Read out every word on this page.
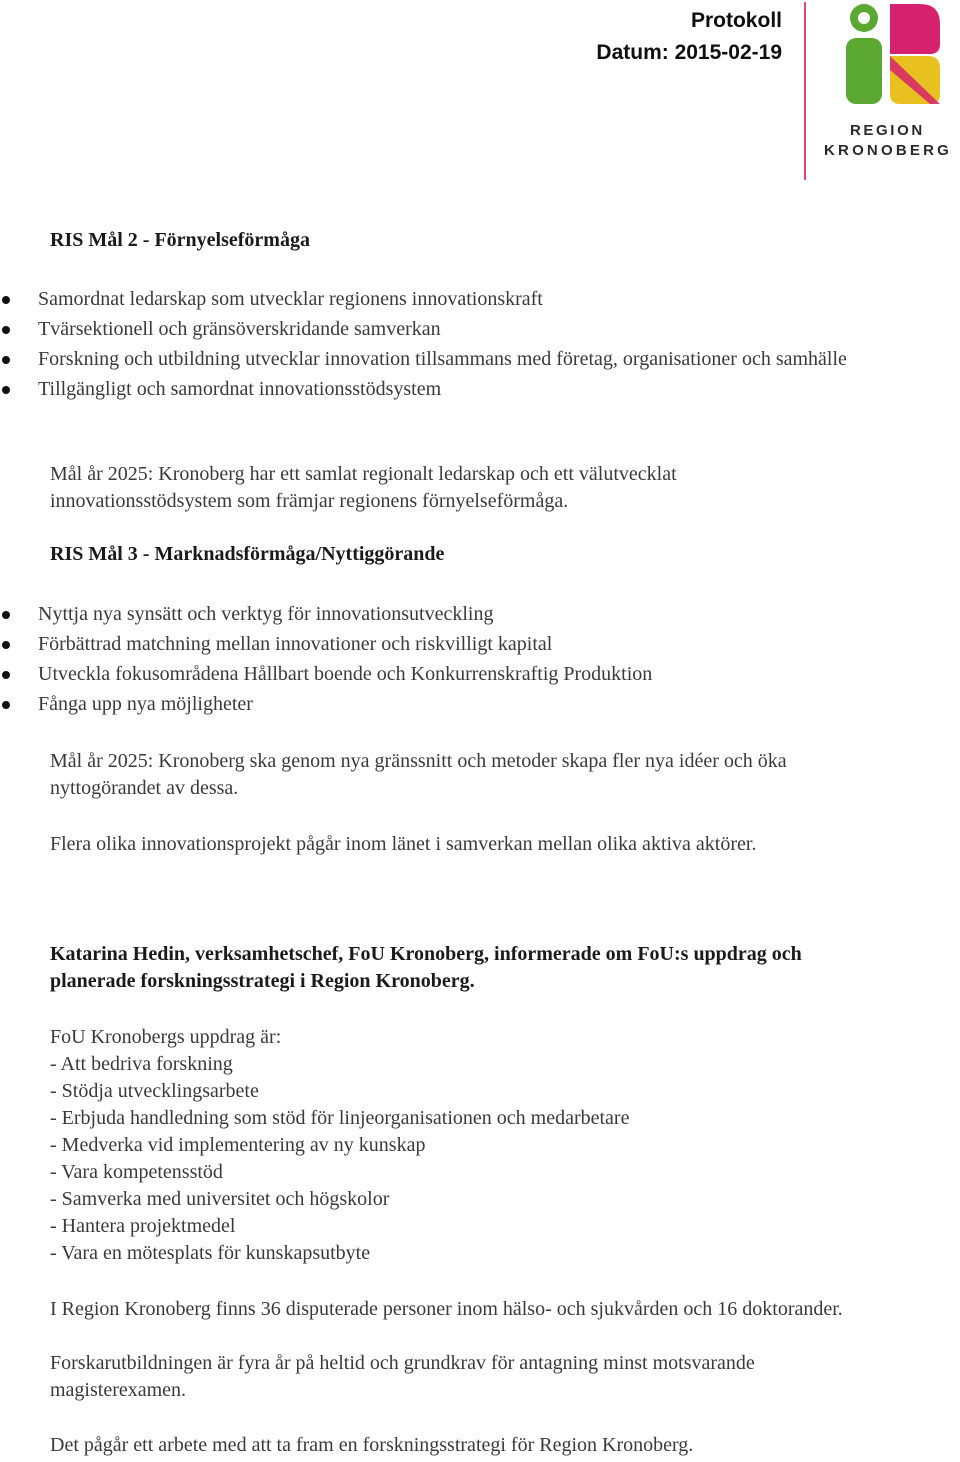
Protokoll
Datum: 2015-02-19
REGION
KRONOBERG
RIS Mål 2 - Förnyelseförmåga
Samordnat ledarskap som utvecklar regionens innovationskraft
Tvärsektionell och gränsöverskridande samverkan
Forskning och utbildning utvecklar innovation tillsammans med företag, organisationer och samhälle
Tillgängligt och samordnat innovationsstödsystem

Mål år 2025: Kronoberg har ett samlat regionalt ledarskap och ett välutvecklat innovationsstödsystem som främjar regionens förnyelseförmåga.

RIS Mål 3 - Marknadsförmåga/Nyttiggörande
Nyttja nya synsätt och verktyg för innovationsutveckling
Förbättrad matchning mellan innovationer och riskvilligt kapital
Utveckla fokusområdena Hållbart boende och Konkurrenskraftig Produktion
Fånga upp nya möjligheter

Mål år 2025: Kronoberg ska genom nya gränssnitt och metoder skapa fler nya idéer och öka nyttogörandet av dessa.

Flera olika innovationsprojekt pågår inom länet i samverkan mellan olika aktiva aktörer.

Katarina Hedin, verksamhetschef, FoU Kronoberg, informerade om FoU:s uppdrag och planerade forskningsstrategi i Region Kronoberg.

FoU Kronobergs uppdrag är:
- Att bedriva forskning
- Stödja utvecklingsarbete
- Erbjuda handledning som stöd för linjeorganisationen och medarbetare
- Medverka vid implementering av ny kunskap
- Vara kompetensstöd
- Samverka med universitet och högskolor
- Hantera projektmedel
- Vara en mötesplats för kunskapsutbyte

I Region Kronoberg finns 36 disputerade personer inom hälso- och sjukvården och 16 doktorander.

Forskarutbildningen är fyra år på heltid och grundkrav för antagning minst motsvarande magisterexamen.

Det pågår ett arbete med att ta fram en forskningsstrategi för Region Kronoberg.
